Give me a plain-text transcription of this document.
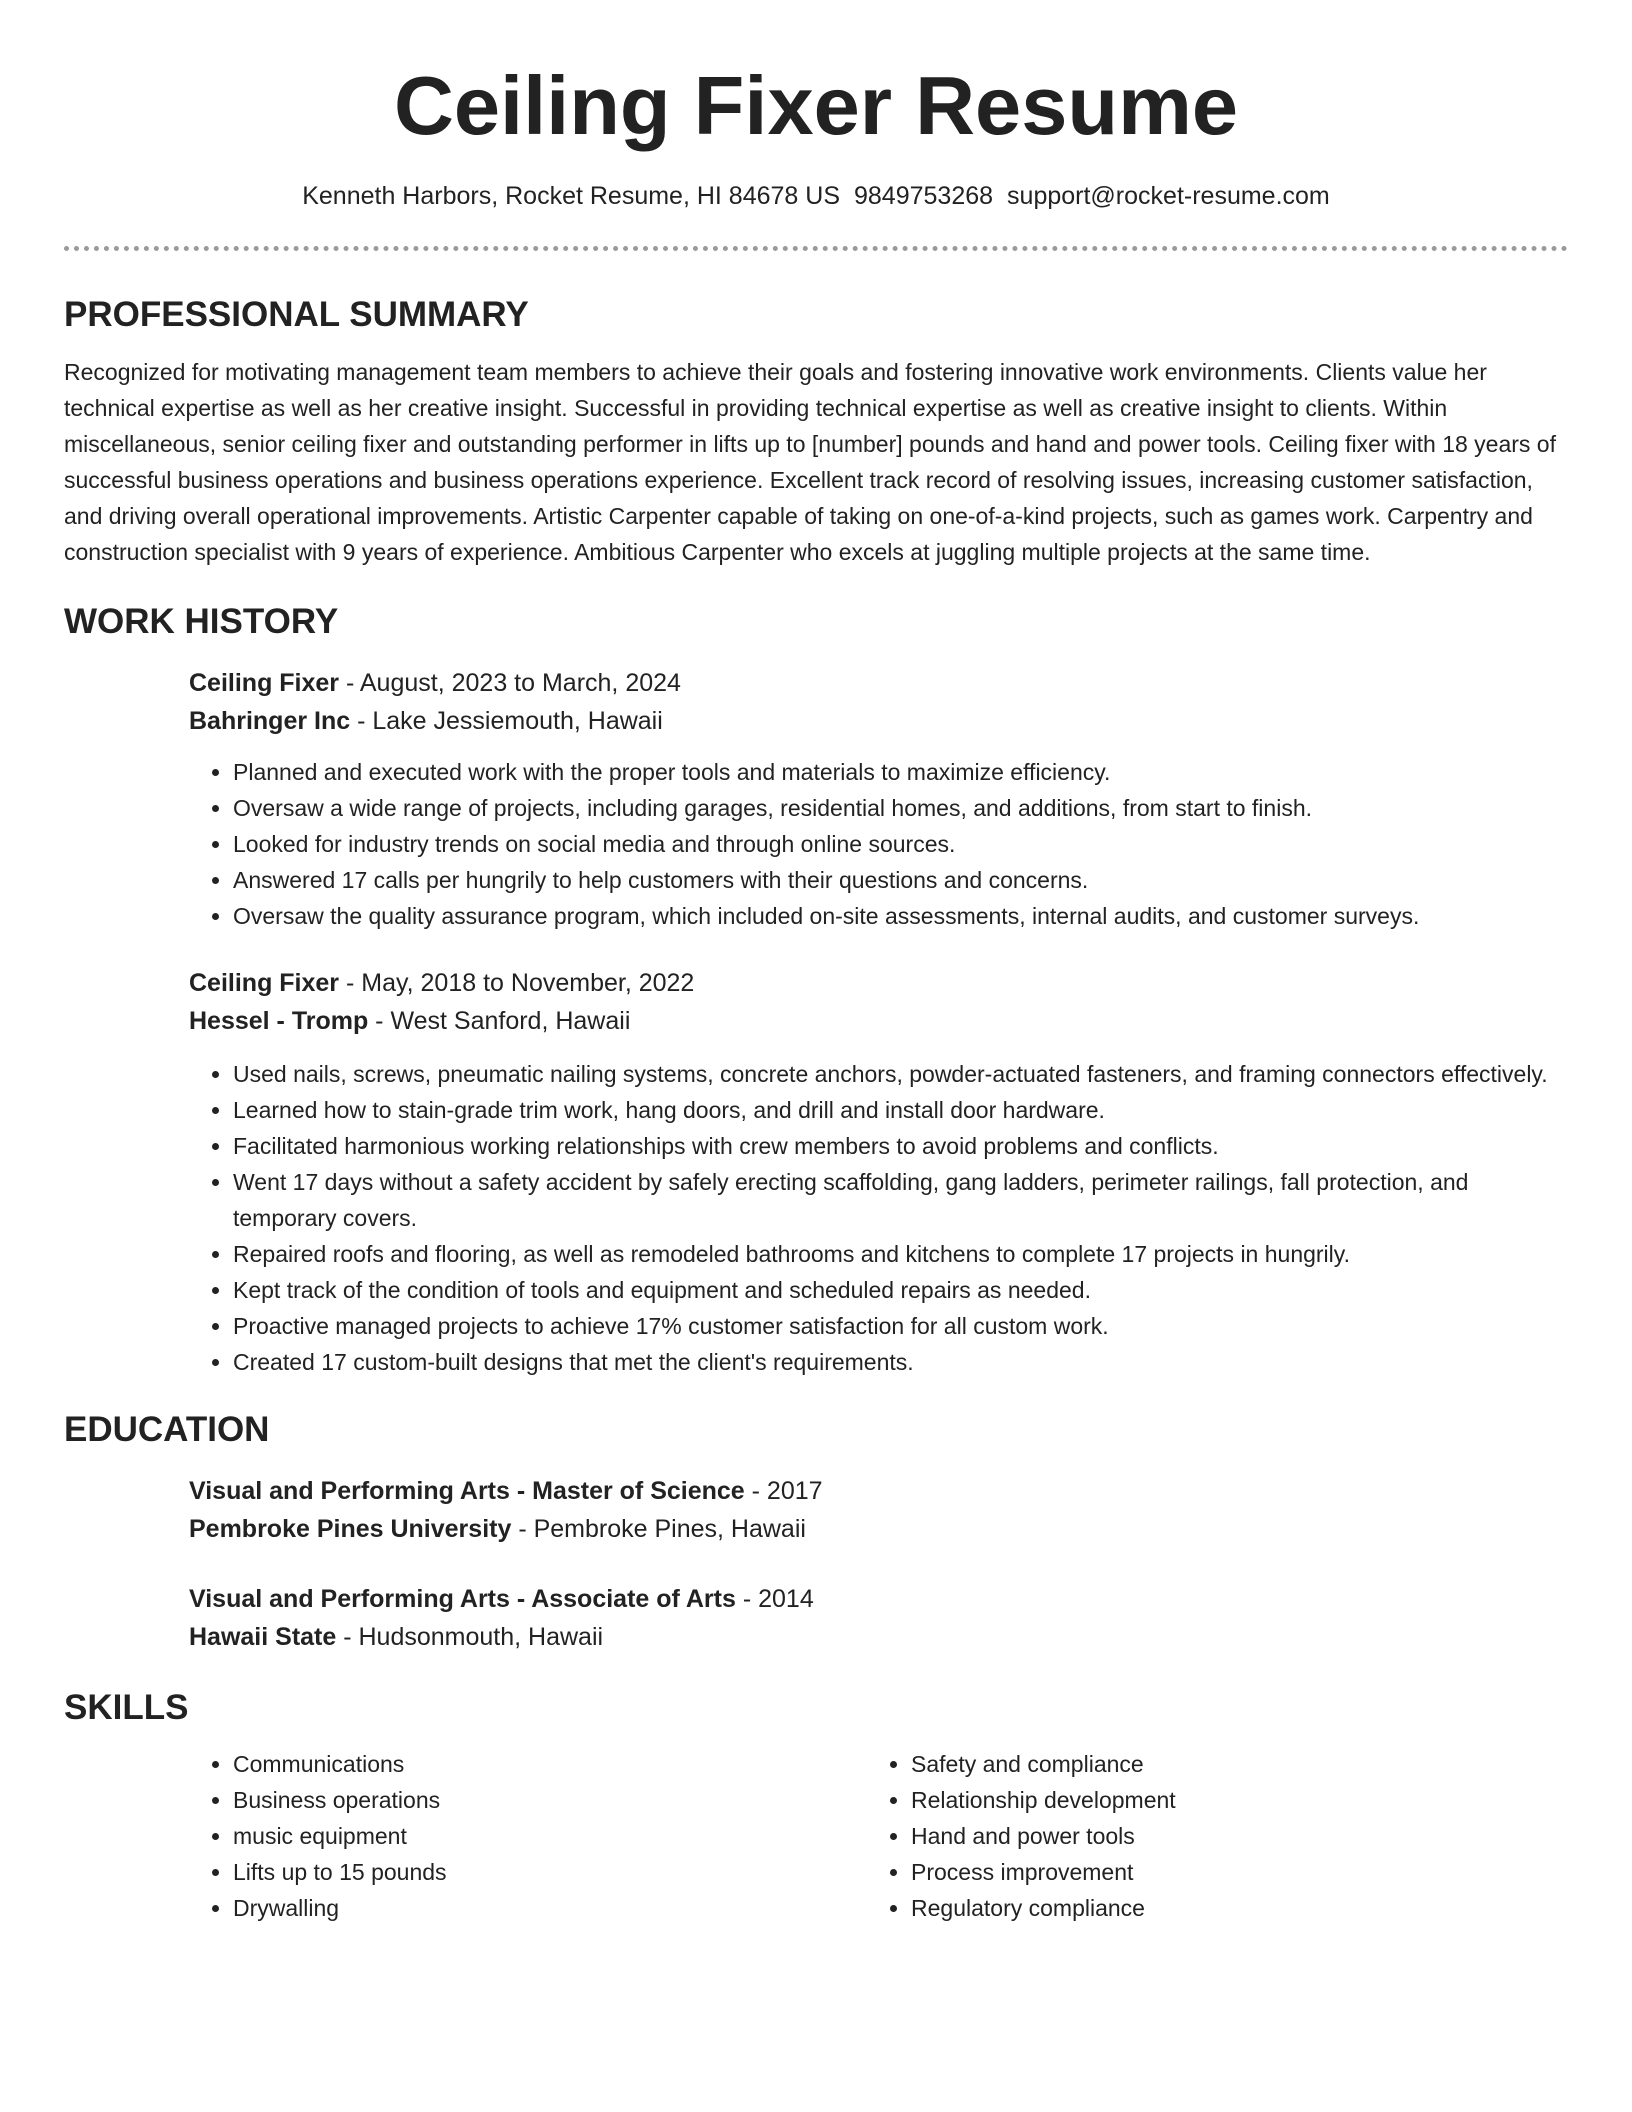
Ceiling Fixer Resume
Kenneth Harbors, Rocket Resume, HI 84678 US 9849753268 support@rocket-resume.com
PROFESSIONAL SUMMARY

Recognized for motivating management team members to achieve their goals and fostering innovative work environments. Clients value her technical expertise as well as her creative insight. Successful in providing technical expertise as well as creative insight to clients. Within miscellaneous, senior ceiling fixer and outstanding performer in lifts up to [number] pounds and hand and power tools. Ceiling fixer with 18 years of successful business operations and business operations experience. Excellent track record of resolving issues, increasing customer satisfaction, and driving overall operational improvements. Artistic Carpenter capable of taking on one-of-a-kind projects, such as games work. Carpentry and construction specialist with 9 years of experience. Ambitious Carpenter who excels at juggling multiple projects at the same time.

WORK HISTORY

Ceiling Fixer - August, 2023 to March, 2024

Bahringer Inc - Lake Jessiemouth, Hawaii

• Planned and executed work with the proper tools and materials to maximize efficiency.
• Oversaw a wide range of projects, including garages, residential homes, and additions, from start to finish.
• Looked for industry trends on social media and through online sources.
• Answered 17 calls per hungrily to help customers with their questions and concerns.
• Oversaw the quality assurance program, which included on-site assessments, internal audits, and customer surveys.

Ceiling Fixer - May, 2018 to November, 2022

Hessel - Tromp - West Sanford, Hawaii

• Used nails, screws, pneumatic nailing systems, concrete anchors, powder-actuated fasteners, and framing connectors effectively.
• Learned how to stain-grade trim work, hang doors, and drill and install door hardware.
• Facilitated harmonious working relationships with crew members to avoid problems and conflicts.
• Went 17 days without a safety accident by safely erecting scaffolding, gang ladders, perimeter railings, fall protection, and temporary covers.
• Repaired roofs and flooring, as well as remodeled bathrooms and kitchens to complete 17 projects in hungrily.
• Kept track of the condition of tools and equipment and scheduled repairs as needed.
• Proactive managed projects to achieve 17% customer satisfaction for all custom work.
• Created 17 custom-built designs that met the client's requirements.
EDUCATION

Visual and Performing Arts - Master of Science - 2017

Pembroke Pines University - Pembroke Pines, Hawaii

Visual and Performing Arts - Associate of Arts - 2014

Hawaii State - Hudsonmouth, Hawaii

SKILLS
• Communications
• Business operations
• music equipment
• Lifts up to 15 pounds
• Drywalling
• Safety and compliance
• Relationship development
• Hand and power tools
• Process improvement
• Regulatory compliance
